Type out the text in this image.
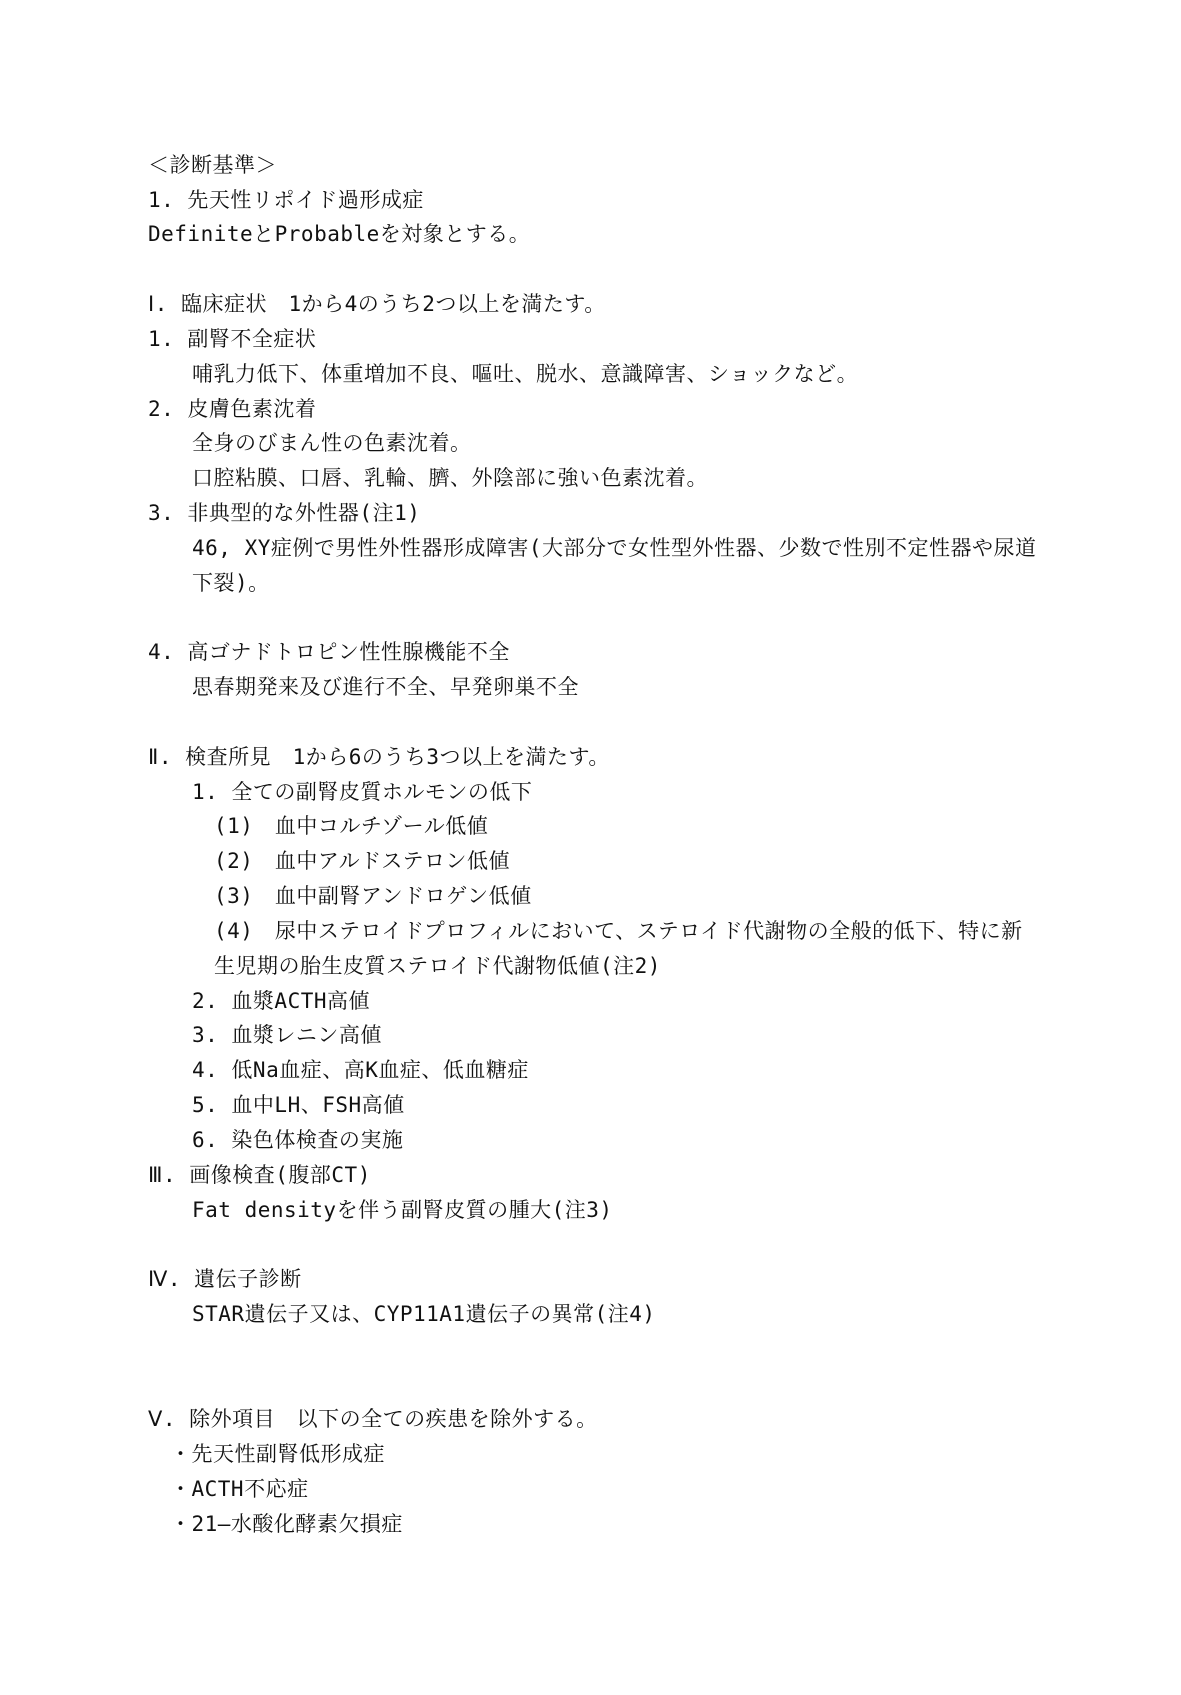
＜診断基準＞
1. 先天性リポイド過形成症
DefiniteとProbableを対象とする。
Ⅰ. 臨床症状　1から4のうち2つ以上を満たす。
1. 副腎不全症状
哺乳力低下、体重増加不良、嘔吐、脱水、意識障害、ショックなど。
2. 皮膚色素沈着
全身のびまん性の色素沈着。
口腔粘膜、口唇、乳輪、臍、外陰部に強い色素沈着。
3. 非典型的な外性器(注1)
46, XY症例で男性外性器形成障害(大部分で女性型外性器、少数で性別不定性器や尿道
下裂)。
4. 高ゴナドトロピン性性腺機能不全
思春期発来及び進行不全、早発卵巣不全
Ⅱ. 検査所見　1から6のうち3つ以上を満たす。
1. 全ての副腎皮質ホルモンの低下
(1)　血中コルチゾール低値
(2)　血中アルドステロン低値
(3)　血中副腎アンドロゲン低値
(4)　尿中ステロイドプロフィルにおいて、ステロイド代謝物の全般的低下、特に新
生児期の胎生皮質ステロイド代謝物低値(注2)
2. 血漿ACTH高値
3. 血漿レニン高値
4. 低Na血症、高K血症、低血糖症
5. 血中LH、FSH高値
6. 染色体検査の実施
Ⅲ. 画像検査(腹部CT)
Fat densityを伴う副腎皮質の腫大(注3)
Ⅳ. 遺伝子診断
STAR遺伝子又は、CYP11A1遺伝子の異常(注4)
Ⅴ. 除外項目　以下の全ての疾患を除外する。
・先天性副腎低形成症
・ACTH不応症
・21―水酸化酵素欠損症
